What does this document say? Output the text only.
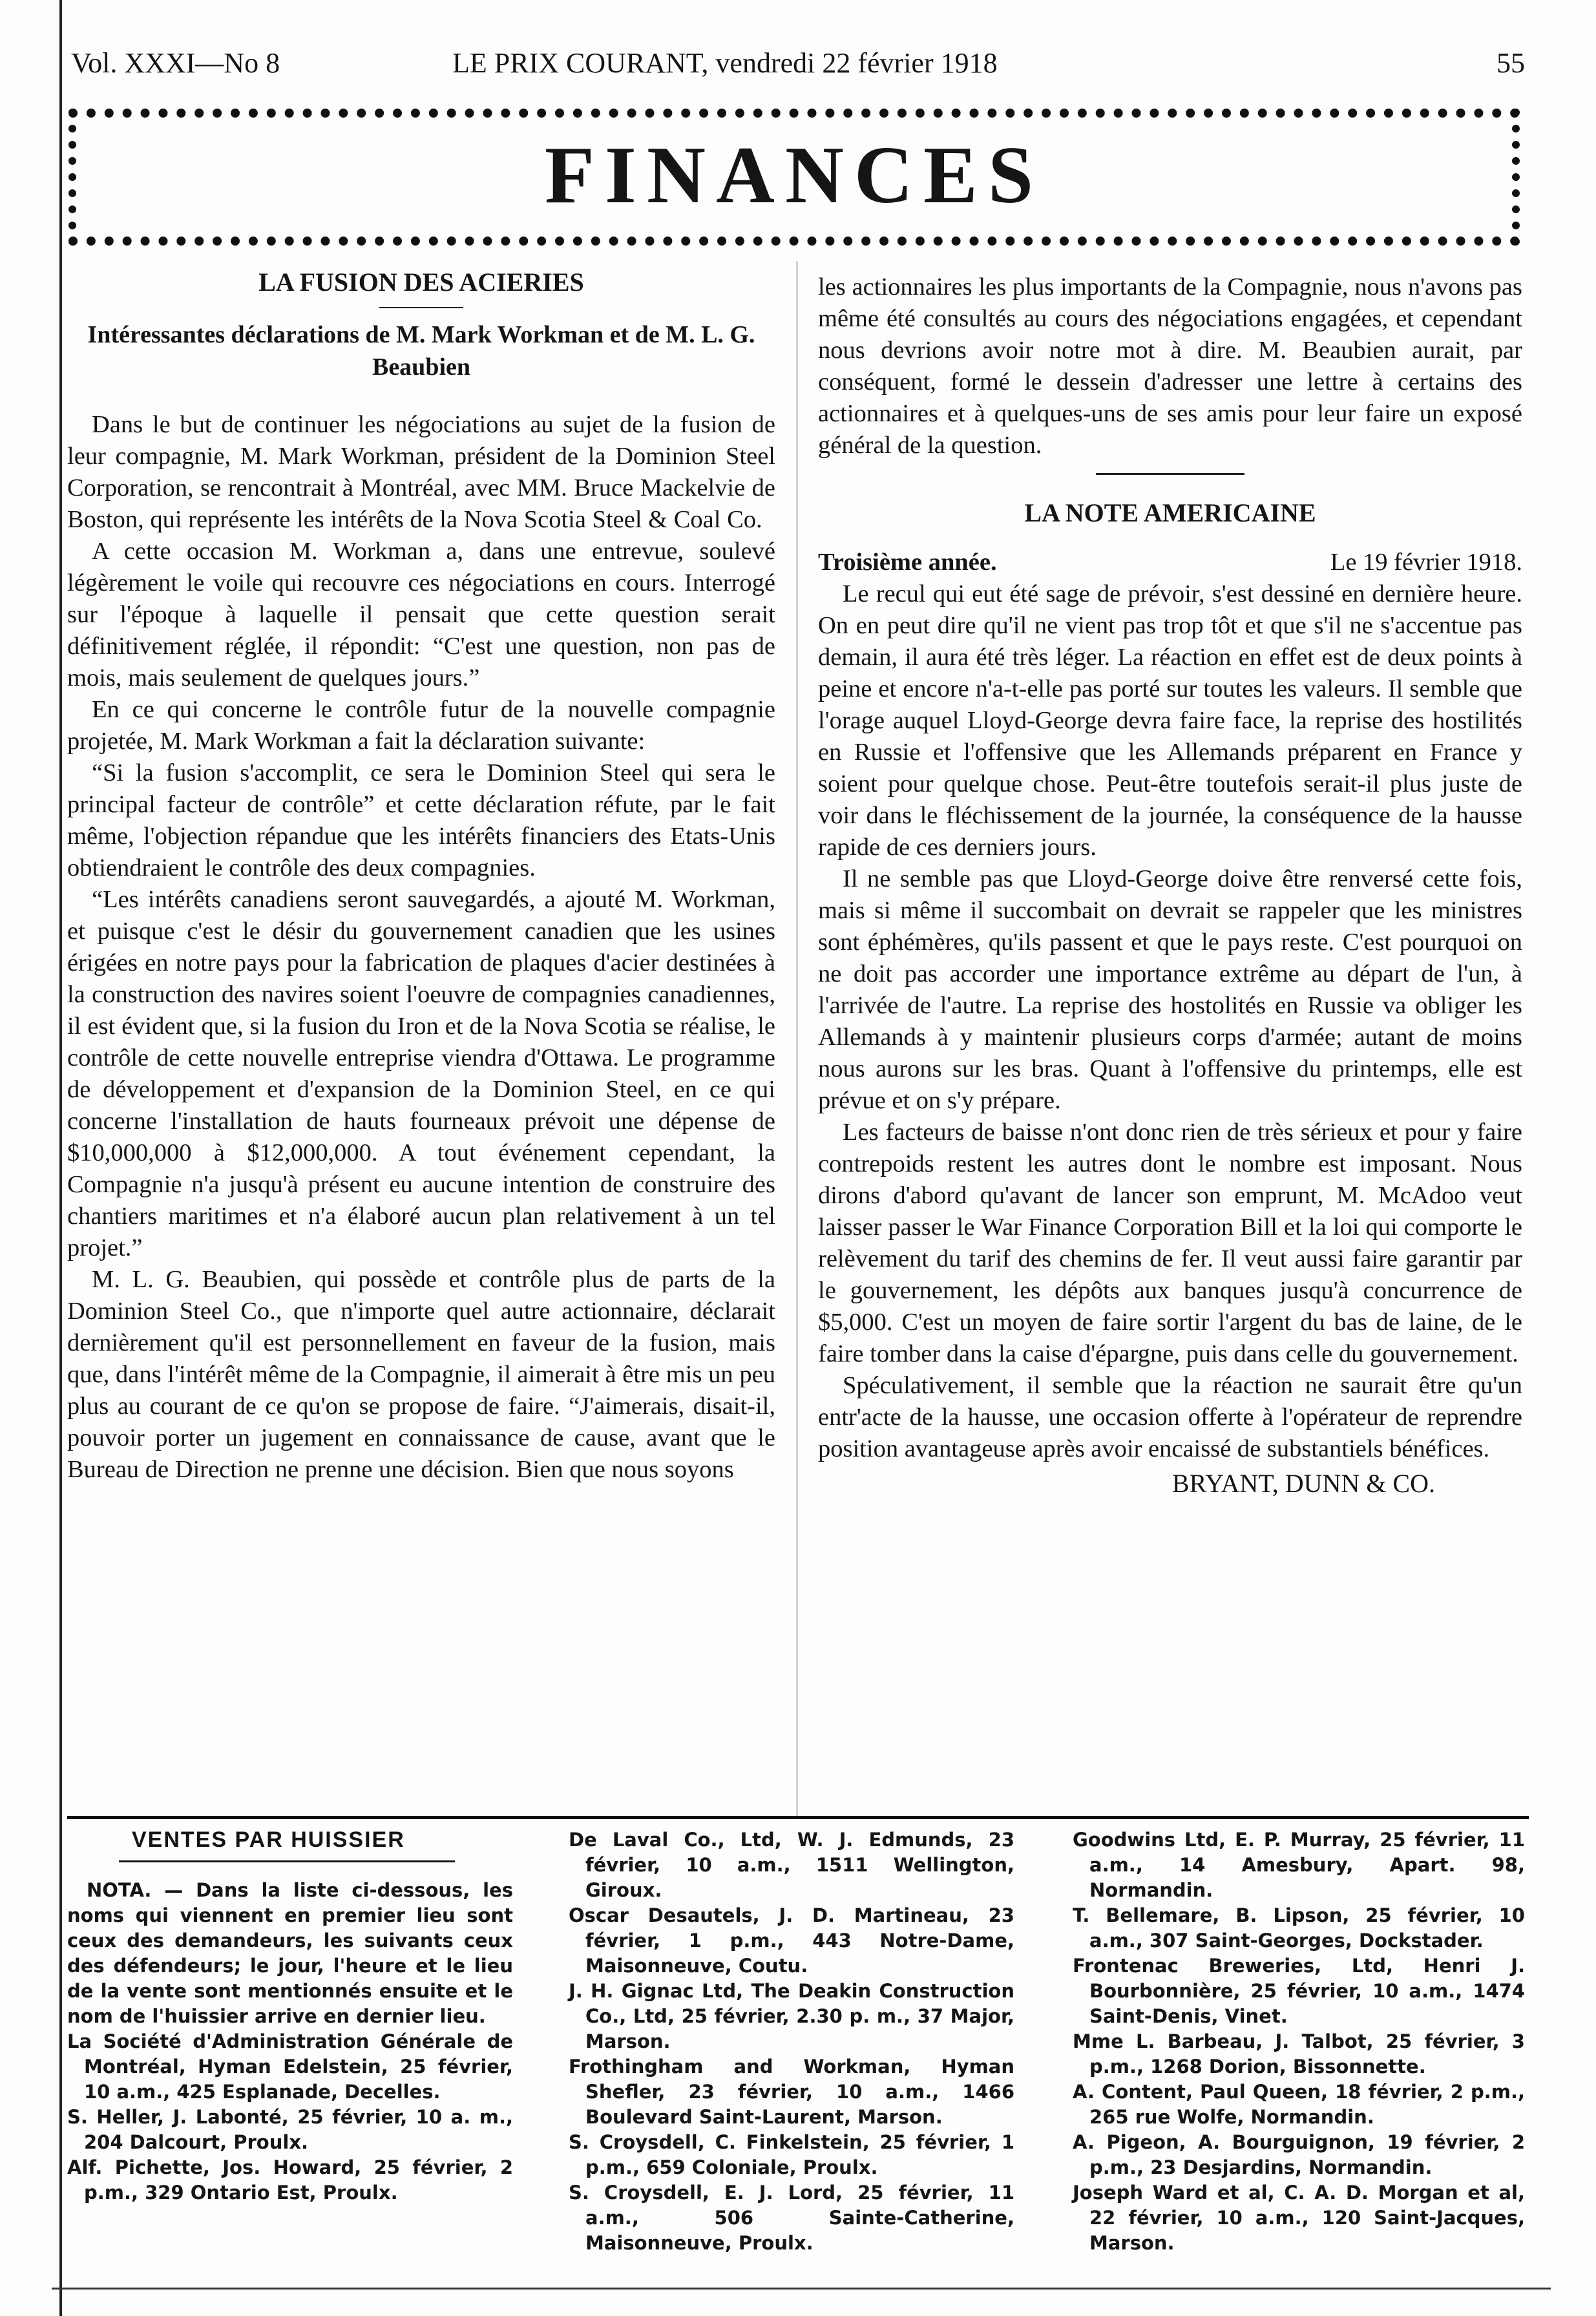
Vol. XXXI—No 8	LE PRIX COURANT, vendredi 22 février 1918	55
FINANCES
LA FUSION DES ACIERIES
Intéressantes déclarations de M. Mark Workman et de M. L. G. Beaubien

Dans le but de continuer les négociations au sujet de la fusion de leur compagnie, M. Mark Workman, président de la Dominion Steel Corporation, se rencontrait à Montréal, avec MM. Bruce Mackelvie de Boston, qui représente les intérêts de la Nova Scotia Steel & Coal Co.

A cette occasion M. Workman a, dans une entrevue, soulevé légèrement le voile qui recouvre ces négociations en cours. Interrogé sur l'époque à laquelle il pensait que cette question serait définitivement réglée, il répondit: “C'est une question, non pas de mois, mais seulement de quelques jours.”

En ce qui concerne le contrôle futur de la nouvelle compagnie projetée, M. Mark Workman a fait la déclaration suivante:

“Si la fusion s'accomplit, ce sera le Dominion Steel qui sera le principal facteur de contrôle” et cette déclaration réfute, par le fait même, l'objection répandue que les intérêts financiers des Etats-Unis obtiendraient le contrôle des deux compagnies.

“Les intérêts canadiens seront sauvegardés, a ajouté M. Workman, et puisque c'est le désir du gouvernement canadien que les usines érigées en notre pays pour la fabrication de plaques d'acier destinées à la construction des navires soient l'oeuvre de compagnies canadiennes, il est évident que, si la fusion du Iron et de la Nova Scotia se réalise, le contrôle de cette nouvelle entreprise viendra d'Ottawa. Le programme de développement et d'expansion de la Dominion Steel, en ce qui concerne l'installation de hauts fourneaux prévoit une dépense de $10,000,000 à $12,000,000. A tout événement cependant, la Compagnie n'a jusqu'à présent eu aucune intention de construire des chantiers maritimes et n'a élaboré aucun plan relativement à un tel projet.”

M. L. G. Beaubien, qui possède et contrôle plus de parts de la Dominion Steel Co., que n'importe quel autre actionnaire, déclarait dernièrement qu'il est personnellement en faveur de la fusion, mais que, dans l'intérêt même de la Compagnie, il aimerait à être mis un peu plus au courant de ce qu'on se propose de faire. “J'aimerais, disait-il, pouvoir porter un jugement en connaissance de cause, avant que le Bureau de Direction ne prenne une décision. Bien que nous soyons

les actionnaires les plus importants de la Compagnie, nous n'avons pas même été consultés au cours des négociations engagées, et cependant nous devrions avoir notre mot à dire. M. Beaubien aurait, par conséquent, formé le dessein d'adresser une lettre à certains des actionnaires et à quelques-uns de ses amis pour leur faire un exposé général de la question.

LA NOTE AMERICAINE
Troisième année.	Le 19 février 1918.

Le recul qui eut été sage de prévoir, s'est dessiné en dernière heure. On en peut dire qu'il ne vient pas trop tôt et que s'il ne s'accentue pas demain, il aura été très léger. La réaction en effet est de deux points à peine et encore n'a-t-elle pas porté sur toutes les valeurs. Il semble que l'orage auquel Lloyd-George devra faire face, la reprise des hostilités en Russie et l'offensive que les Allemands préparent en France y soient pour quelque chose. Peut-être toutefois serait-il plus juste de voir dans le fléchissement de la journée, la conséquence de la hausse rapide de ces derniers jours.

Il ne semble pas que Lloyd-George doive être renversé cette fois, mais si même il succombait on devrait se rappeler que les ministres sont éphémères, qu'ils passent et que le pays reste. C'est pourquoi on ne doit pas accorder une importance extrême au départ de l'un, à l'arrivée de l'autre. La reprise des hostolités en Russie va obliger les Allemands à y maintenir plusieurs corps d'armée; autant de moins nous aurons sur les bras. Quant à l'offensive du printemps, elle est prévue et on s'y prépare.

Les facteurs de baisse n'ont donc rien de très sérieux et pour y faire contrepoids restent les autres dont le nombre est imposant. Nous dirons d'abord qu'avant de lancer son emprunt, M. McAdoo veut laisser passer le War Finance Corporation Bill et la loi qui comporte le relèvement du tarif des chemins de fer. Il veut aussi faire garantir par le gouvernement, les dépôts aux banques jusqu'à concurrence de $5,000. C'est un moyen de faire sortir l'argent du bas de laine, de le faire tomber dans la caise d'épargne, puis dans celle du gouvernement.

Spéculativement, il semble que la réaction ne saurait être qu'un entr'acte de la hausse, une occasion offerte à l'opérateur de reprendre position avantageuse après avoir encaissé de substantiels bénéfices.

BRYANT, DUNN & CO.
VENTES PAR HUISSIER

NOTA. — Dans la liste ci-dessous, les noms qui viennent en premier lieu sont ceux des demandeurs, les suivants ceux des défendeurs; le jour, l'heure et le lieu de la vente sont mentionnés ensuite et le nom de l'huissier arrive en dernier lieu.

La Société d'Administration Générale de Montréal, Hyman Edelstein, 25 février, 10 a.m., 425 Esplanade, Decelles.

S. Heller, J. Labonté, 25 février, 10 a. m., 204 Dalcourt, Proulx.

Alf. Pichette, Jos. Howard, 25 février, 2 p.m., 329 Ontario Est, Proulx.

De Laval Co., Ltd, W. J. Edmunds, 23 février, 10 a.m., 1511 Wellington, Giroux.

Oscar Desautels, J. D. Martineau, 23 février, 1 p.m., 443 Notre-Dame, Maisonneuve, Coutu.

J. H. Gignac Ltd, The Deakin Construction Co., Ltd, 25 février, 2.30 p. m., 37 Major, Marson.

Frothingham and Workman, Hyman Shefler, 23 février, 10 a.m., 1466 Boulevard Saint-Laurent, Marson.

S. Croysdell, C. Finkelstein, 25 février, 1 p.m., 659 Coloniale, Proulx.

S. Croysdell, E. J. Lord, 25 février, 11 a.m., 506 Sainte-Catherine, Maisonneuve, Proulx.

Goodwins Ltd, E. P. Murray, 25 février, 11 a.m., 14 Amesbury, Apart. 98, Normandin.

T. Bellemare, B. Lipson, 25 février, 10 a.m., 307 Saint-Georges, Dockstader.

Frontenac Breweries, Ltd, Henri J. Bourbonnière, 25 février, 10 a.m., 1474 Saint-Denis, Vinet.

Mme L. Barbeau, J. Talbot, 25 février, 3 p.m., 1268 Dorion, Bissonnette.

A. Content, Paul Queen, 18 février, 2 p.m., 265 rue Wolfe, Normandin.

A. Pigeon, A. Bourguignon, 19 février, 2 p.m., 23 Desjardins, Normandin.

Joseph Ward et al, C. A. D. Morgan et al, 22 février, 10 a.m., 120 Saint-Jacques, Marson.
